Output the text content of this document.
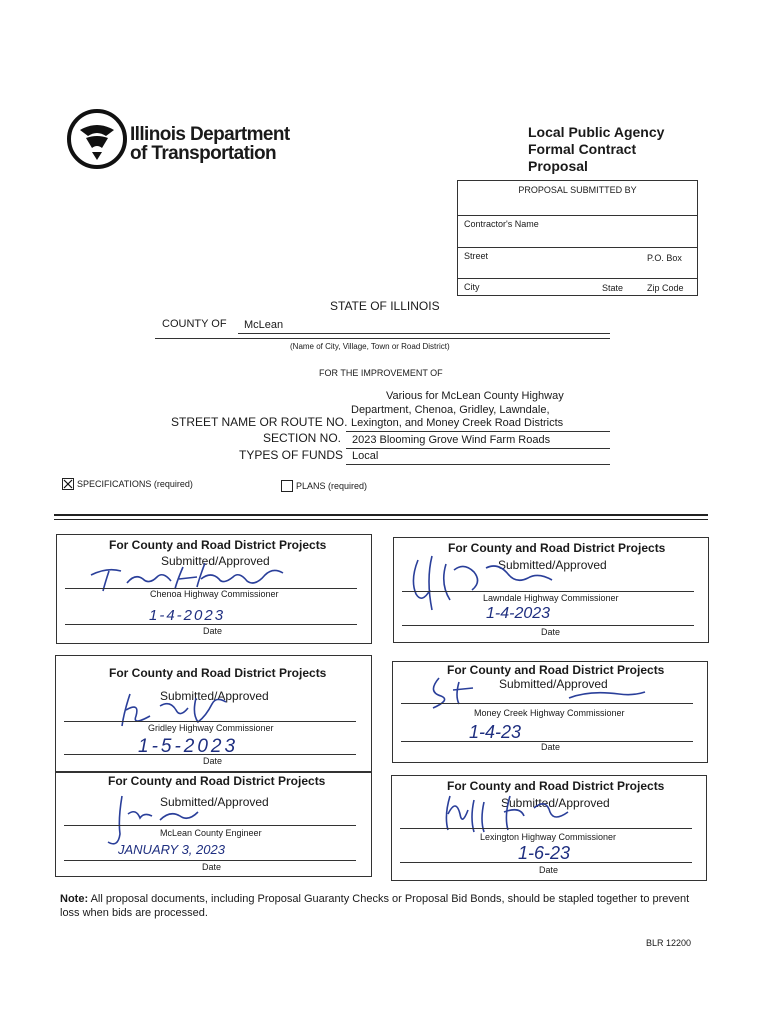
Illinois Department
of Transportation
Local Public Agency
Formal Contract
Proposal
PROPOSAL SUBMITTED BY
Contractor's Name
Street	P.O. Box
City	State	Zip Code
STATE OF ILLINOIS
COUNTY OF McLean
(Name of City, Village, Town or Road District)
FOR THE IMPROVEMENT OF
Various for McLean County Highway
Department, Chenoa, Gridley, Lawndale,
Lexington, and Money Creek Road Districts
STREET NAME OR ROUTE NO.
SECTION NO. 2023 Blooming Grove Wind Farm Roads
TYPES OF FUNDS Local
SPECIFICATIONS (required)	PLANS (required)
For County and Road District Projects
Submitted/Approved
Chenoa Highway Commissioner
1-4-2023
Date
For County and Road District Projects
Submitted/Approved
Lawndale Highway Commissioner
1-4-2023
Date
For County and Road District Projects
Submitted/Approved
Gridley Highway Commissioner
1-5-2023
Date
For County and Road District Projects
Submitted/Approved
Money Creek Highway Commissioner
1-4-23
Date
For County and Road District Projects
Submitted/Approved
McLean County Engineer
JANUARY 3, 2023
Date
For County and Road District Projects
Submitted/Approved
Lexington Highway Commissioner
1-6-23
Date
Note: All proposal documents, including Proposal Guaranty Checks or Proposal Bid Bonds, should be stapled together to prevent loss when bids are processed.
BLR 12200
